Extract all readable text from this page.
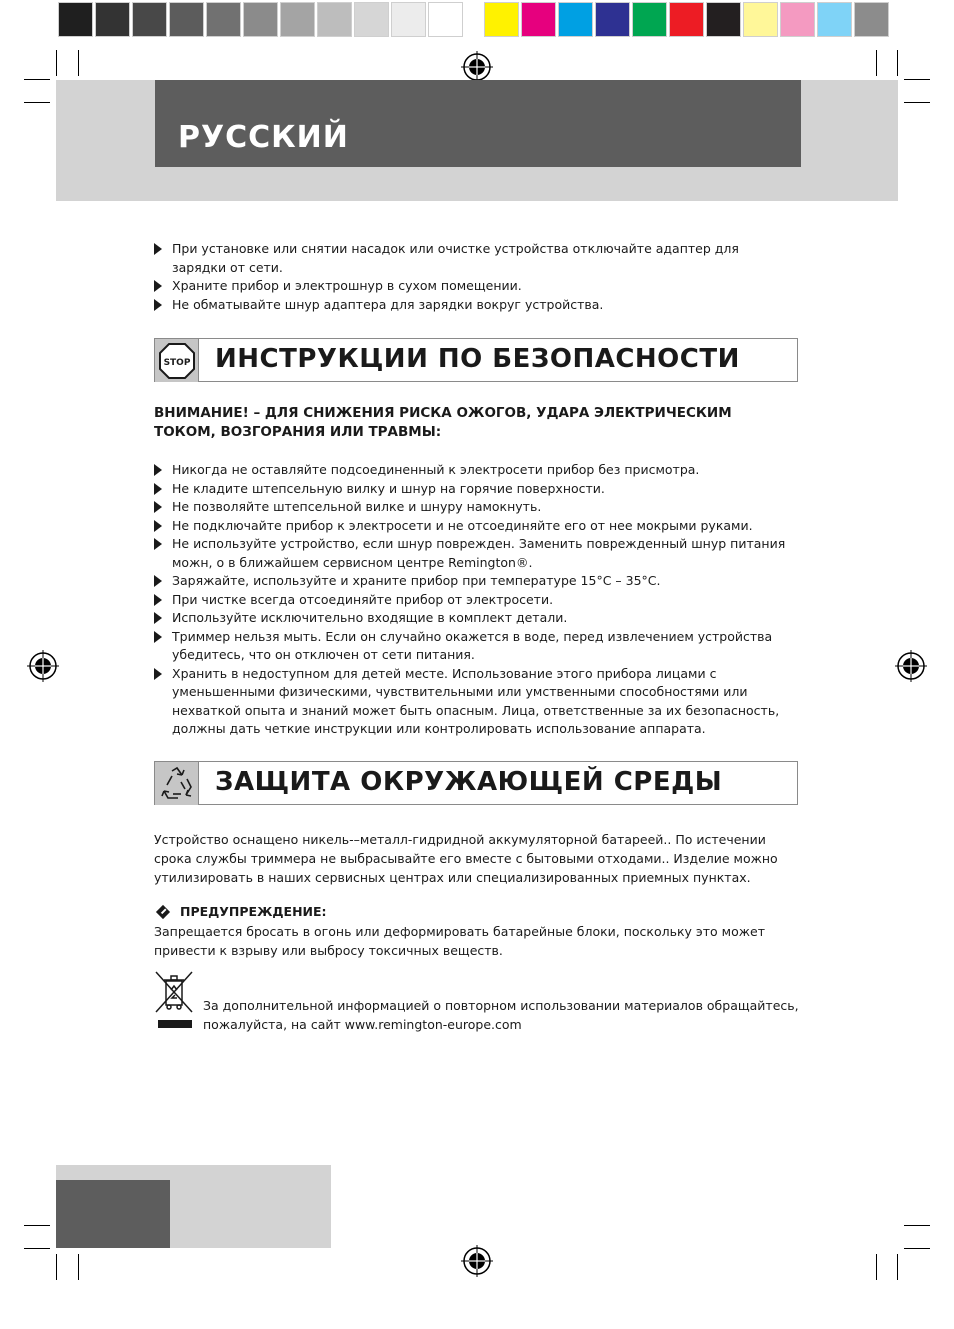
РУССКИЙ
При установке или снятии насадок или очистке устройства отключайте адаптер для зарядки от сети.
Храните прибор и электрошнур в сухом помещении.
Не обматывайте шнур адаптера для зарядки вокруг устройства.
STOP ИНСТРУКЦИИ ПО БЕЗОПАСНОСТИ
ВНИМАНИЕ! – ДЛЯ СНИЖЕНИЯ РИСКА ОЖОГОВ, УДАРА ЭЛЕКТРИЧЕСКИМ ТОКОМ, ВОЗГОРАНИЯ ИЛИ ТРАВМЫ:
Никогда не оставляйте подсоединенный к электросети прибор без присмотра.
Не кладите штепсельную вилку и шнур на горячие поверхности.
Не позволяйте штепсельной вилке и шнуру намокнуть.
Не подключайте прибор к электросети и не отсоединяйте его от нее мокрыми руками.
Не используйте устройство, если шнур поврежден. Заменить поврежденный шнур питания можн, о в ближайшем сервисном центре Remington®.
Заряжайте, используйте и храните прибор при температуре 15°C – 35°C.
При чистке всегда отсоединяйте прибор от электросети.
Используйте исключительно входящие в комплект детали.
Триммер нельзя мыть. Если он случайно окажется в воде, перед извлечением устройства убедитесь, что он отключен от сети питания.
Хранить в недоступном для детей месте. Использование этого прибора лицами с уменьшенными физическими, чувствительными или умственными способностями или нехваткой опыта и знаний может быть опасным. Лица, ответственные за их безопасность, должны дать четкие инструкции или контролировать использование аппарата.
ЗАЩИТА ОКРУЖАЮЩЕЙ СРЕДЫ

Устройство оснащено никель-–металл-гидридной аккумуляторной батареей.. По истечении срока службы триммера не выбрасывайте его вместе с бытовыми отходами.. Изделие можно утилизировать в наших сервисных центрах или специализированных приемных пунктах.

ПРЕДУПРЕЖДЕНИЕ:

Запрещается бросать в огонь или деформировать батарейные блоки, поскольку это может привести к взрыву или выбросу токсичных веществ.

За дополнительной информацией о повторном использовании материалов обращайтесь, пожалуйста, на сайт www.remington-europe.com
